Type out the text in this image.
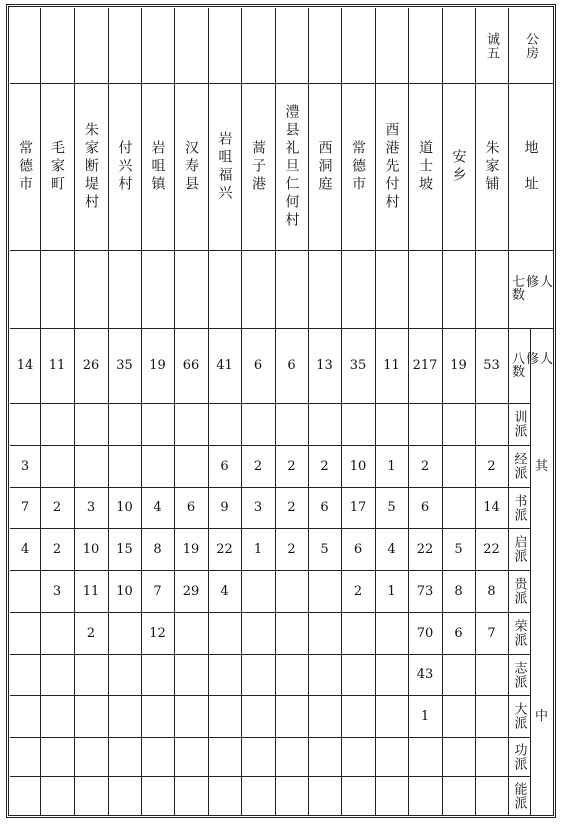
公房
地　址
七修人数
八修人数
其
中
训派
经派
书派
启派
贵派
荣派
志派
大派
功派
能派
诚五
朱家铺
53
2
14
22
8
7
安乡
19
5
8
6
道士坡
217
2
6
22
73
70
43
1
酉港先付村
11
1
5
4
1
常德市
35
10
17
6
2
西洞庭
13
2
6
5
澧县礼旦仁何村
6
2
2
2
蒿子港
6
2
3
1
岩咀福兴
41
6
9
22
4
汉寿县
66
6
19
29
岩咀镇
19
4
8
7
12
付兴村
35
10
15
10
朱家断堤村
26
3
10
11
2
毛家町
11
2
2
3
常德市
14
3
7
4
